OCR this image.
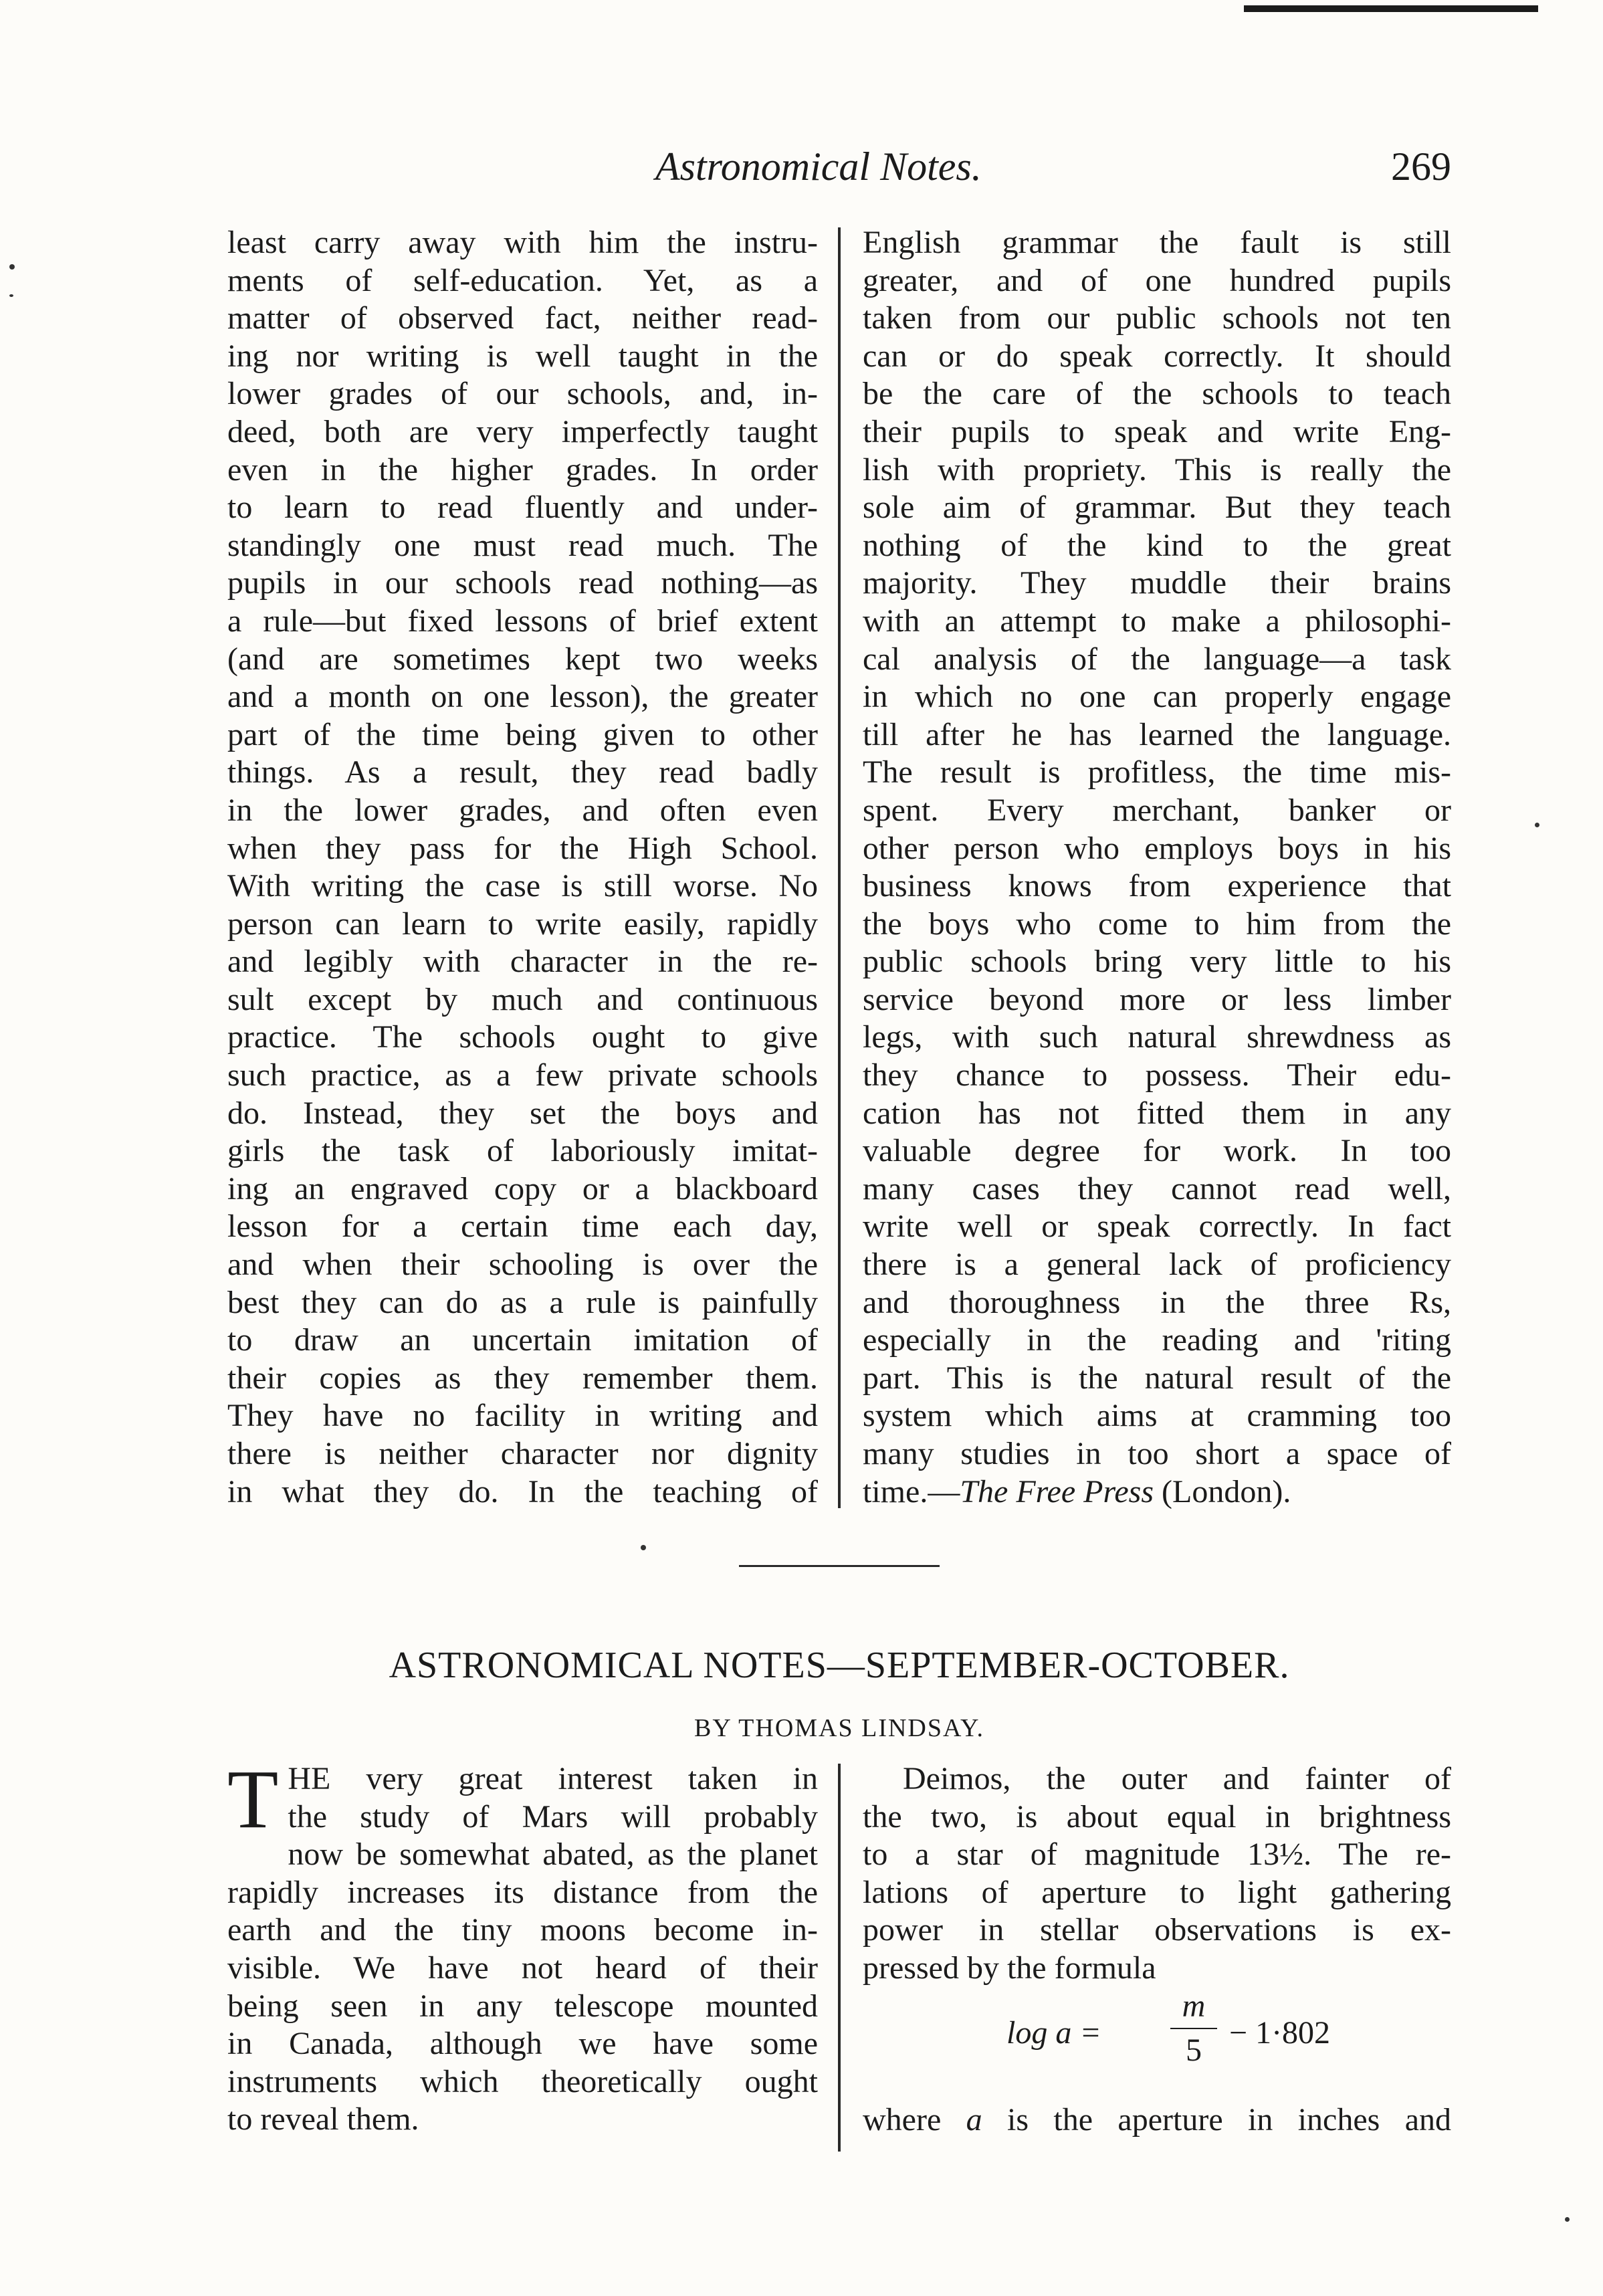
Astronomical Notes.	269
least carry away with him the instru-
ments of self-education. Yet, as a
matter of observed fact, neither read-
ing nor writing is well taught in the
lower grades of our schools, and, in-
deed, both are very imperfectly taught
even in the higher grades. In order
to learn to read fluently and under-
standingly one must read much. The
pupils in our schools read nothing—as
a rule—but fixed lessons of brief extent
(and are sometimes kept two weeks
and a month on one lesson), the greater
part of the time being given to other
things. As a result, they read badly
in the lower grades, and often even
when they pass for the High School.
With writing the case is still worse. No
person can learn to write easily, rapidly
and legibly with character in the re-
sult except by much and continuous
practice. The schools ought to give
such practice, as a few private schools
do. Instead, they set the boys and
girls the task of laboriously imitat-
ing an engraved copy or a blackboard
lesson for a certain time each day,
and when their schooling is over the
best they can do as a rule is painfully
to draw an uncertain imitation of
their copies as they remember them.
They have no facility in writing and
there is neither character nor dignity
in what they do. In the teaching of
English grammar the fault is still
greater, and of one hundred pupils
taken from our public schools not ten
can or do speak correctly. It should
be the care of the schools to teach
their pupils to speak and write Eng-
lish with propriety. This is really the
sole aim of grammar. But they teach
nothing of the kind to the great
majority. They muddle their brains
with an attempt to make a philosophi-
cal analysis of the language—a task
in which no one can properly engage
till after he has learned the language.
The result is profitless, the time mis-
spent. Every merchant, banker or
other person who employs boys in his
business knows from experience that
the boys who come to him from the
public schools bring very little to his
service beyond more or less limber
legs, with such natural shrewdness as
they chance to possess. Their edu-
cation has not fitted them in any
valuable degree for work. In too
many cases they cannot read well,
write well or speak correctly. In fact
there is a general lack of proficiency
and thoroughness in the three Rs,
especially in the reading and 'riting
part. This is the natural result of the
system which aims at cramming too
many studies in too short a space of
time.—The Free Press (London).
ASTRONOMICAL NOTES—SEPTEMBER-OCTOBER.
BY THOMAS LINDSAY.
T HE very great interest taken in
the study of Mars will probably
now be somewhat abated, as the planet
rapidly increases its distance from the
earth and the tiny moons become in-
visible. We have not heard of their
being seen in any telescope mounted
in Canada, although we have some
instruments which theoretically ought
to reveal them.
Deimos, the outer and fainter of
the two, is about equal in brightness
to a star of magnitude 13½. The re-
lations of aperture to light gathering
power in stellar observations is ex-
pressed by the formula
log a =
m
5 − 1·802
where a is the aperture in inches and
